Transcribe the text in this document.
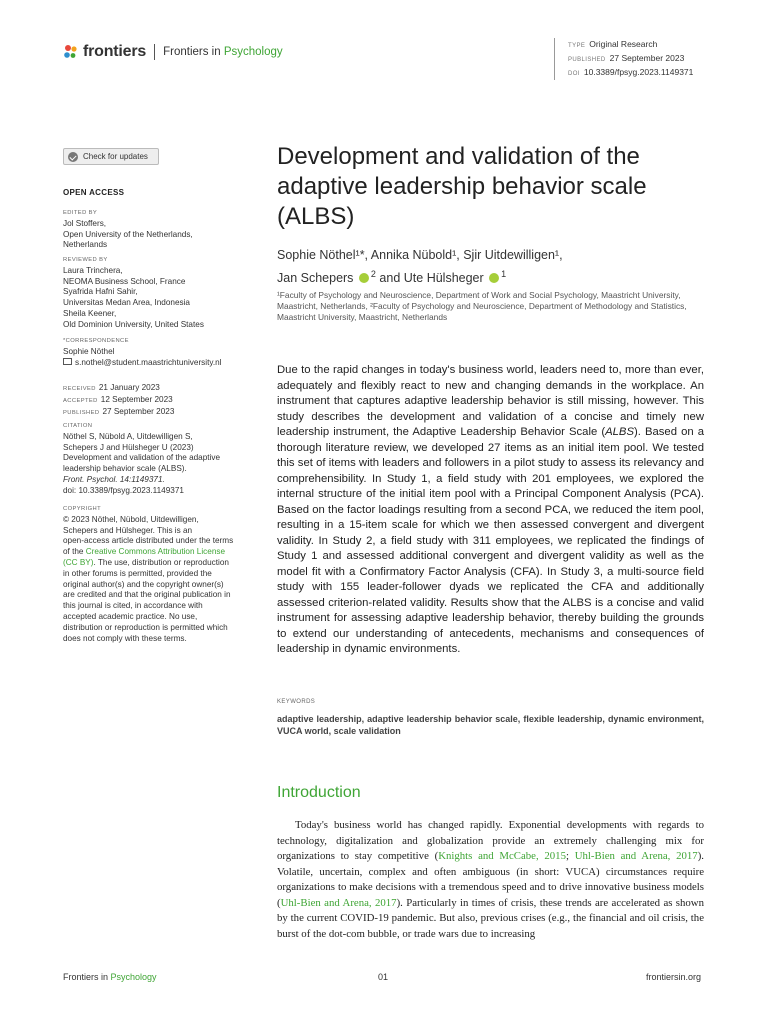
frontiers Frontiers in Psychology	TYPE Original Research
PUBLISHED 27 September 2023
DOI 10.3389/fpsyg.2023.1149371
Check for updates
OPEN ACCESS
EDITED BY
Jol Stoffers,
Open University of the Netherlands,
Netherlands
REVIEWED BY
Laura Trinchera,
NEOMA Business School, France
Syafrida Hafni Sahir,
Universitas Medan Area, Indonesia
Sheila Keener,
Old Dominion University, United States
*CORRESPONDENCE
Sophie Nöthel
s.nothel@student.maastrichtuniversity.nl
RECEIVED 21 January 2023
ACCEPTED 12 September 2023
PUBLISHED 27 September 2023
CITATION
Nöthel S, Nübold A, Uitdewilligen S,
Schepers J and Hülsheger U (2023)
Development and validation of the adaptive
leadership behavior scale (ALBS).
Front. Psychol. 14:1149371.
doi: 10.3389/fpsyg.2023.1149371
COPYRIGHT
© 2023 Nöthel, Nübold, Uitdewilligen,
Schepers and Hülsheger. This is an
open-access article distributed under the terms
of the Creative Commons Attribution License
(CC BY). The use, distribution or reproduction
in other forums is permitted, provided the
original author(s) and the copyright owner(s)
are credited and that the original publication in
this journal is cited, in accordance with
accepted academic practice. No use,
distribution or reproduction is permitted which
does not comply with these terms.
Development and validation of the adaptive leadership behavior scale (ALBS)
Sophie Nöthel¹*, Annika Nübold¹, Sjir Uitdewilligen¹,
Jan Schepers $^2$ and Ute Hülsheger $^1$
¹Faculty of Psychology and Neuroscience, Department of Work and Social Psychology, Maastricht University, Maastricht, Netherlands, ²Faculty of Psychology and Neuroscience, Department of Methodology and Statistics, Maastricht University, Maastricht, Netherlands
Due to the rapid changes in today's business world, leaders need to, more than ever, adequately and flexibly react to new and changing demands in the workplace. An instrument that captures adaptive leadership behavior is still missing, however. This study describes the development and validation of a concise and timely new leadership instrument, the Adaptive Leadership Behavior Scale (ALBS). Based on a thorough literature review, we developed 27 items as an initial item pool. We tested this set of items with leaders and followers in a pilot study to assess its relevancy and comprehensibility. In Study 1, a field study with 201 employees, we explored the internal structure of the initial item pool with a Principal Component Analysis (PCA). Based on the factor loadings resulting from a second PCA, we reduced the item pool, resulting in a 15-item scale for which we then assessed convergent and divergent validity. In Study 2, a field study with 311 employees, we replicated the findings of Study 1 and assessed additional convergent and divergent validity as well as the model fit with a Confirmatory Factor Analysis (CFA). In Study 3, a multi-source field study with 155 leader-follower dyads we replicated the CFA and additionally assessed criterion-related validity. Results show that the ALBS is a concise and valid instrument for assessing adaptive leadership behavior, thereby building the grounds to extend our understanding of antecedents, mechanisms and consequences of leadership in dynamic environments.
KEYWORDS
adaptive leadership, adaptive leadership behavior scale, flexible leadership, dynamic environment, VUCA world, scale validation
Introduction
Today's business world has changed rapidly. Exponential developments with regards to technology, digitalization and globalization provide an extremely challenging mix for organizations to stay competitive (Knights and McCabe, 2015; Uhl-Bien and Arena, 2017). Volatile, uncertain, complex and often ambiguous (in short: VUCA) circumstances require organizations to make decisions with a tremendous speed and to drive innovative business models (Uhl-Bien and Arena, 2017). Particularly in times of crisis, these trends are accelerated as shown by the current COVID-19 pandemic. But also, previous crises (e.g., the financial and oil crisis, the burst of the dot-com bubble, or trade wars due to increasing
Frontiers in Psychology	01	frontiersin.org
